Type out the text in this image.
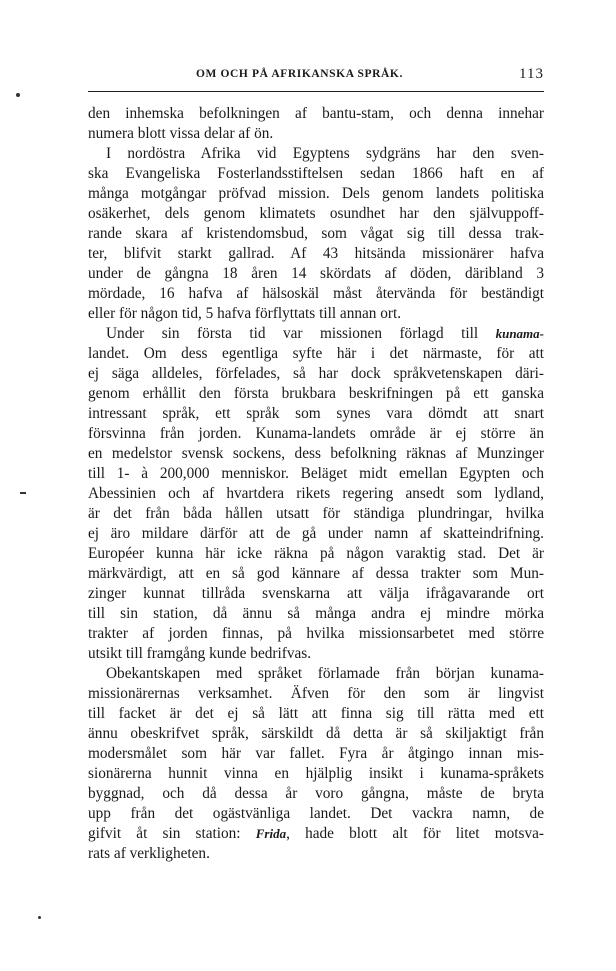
OM OCH PÅ AFRIKANSKA SPRÅK.	113

den inhemska befolkningen af bantu-stam, och denna innehar
numera blott vissa delar af ön.

I nordöstra Afrika vid Egyptens sydgräns har den sven-
ska Evangeliska Fosterlandsstiftelsen sedan 1866 haft en af
många motgångar pröfvad mission. Dels genom landets politiska
osäkerhet, dels genom klimatets osundhet har den självuppoff-
rande skara af kristendomsbud, som vågat sig till dessa trak-
ter, blifvit starkt gallrad. Af 43 hitsända missionärer hafva
under de gångna 18 åren 14 skördats af döden, däribland 3
mördade, 16 hafva af hälsoskäl måst återvända för beständigt
eller för någon tid, 5 hafva förflyttats till annan ort.

Under sin första tid var missionen förlagd till kunama-
landet. Om dess egentliga syfte här i det närmaste, för att
ej säga alldeles, förfelades, så har dock språkvetenskapen däri-
genom erhållit den första brukbara beskrifningen på ett ganska
intressant språk, ett språk som synes vara dömdt att snart
försvinna från jorden. Kunama-landets område är ej större än
en medelstor svensk sockens, dess befolkning räknas af Munzinger
till 1- à 200,000 menniskor. Beläget midt emellan Egypten och
Abessinien och af hvartdera rikets regering ansedt som lydland,
är det från båda hållen utsatt för ständiga plundringar, hvilka
ej äro mildare därför att de gå under namn af skatteindrifning.
Européer kunna här icke räkna på någon varaktig stad. Det är
märkvärdigt, att en så god kännare af dessa trakter som Mun-
zinger kunnat tillråda svenskarna att välja ifrågavarande ort
till sin station, då ännu så många andra ej mindre mörka
trakter af jorden finnas, på hvilka missionsarbetet med större
utsikt till framgång kunde bedrifvas.

Obekantskapen med språket förlamade från början kunama-
missionärernas verksamhet. Äfven för den som är lingvist
till facket är det ej så lätt att finna sig till rätta med ett
ännu obeskrifvet språk, särskildt då detta är så skiljaktigt från
modersmålet som här var fallet. Fyra år åtgingo innan mis-
sionärerna hunnit vinna en hjälplig insikt i kunama-språkets
byggnad, och då dessa år voro gångna, måste de bryta
upp från det ogästvänliga landet. Det vackra namn, de
gifvit åt sin station: Frida, hade blott alt för litet motsva-
rats af verkligheten.
